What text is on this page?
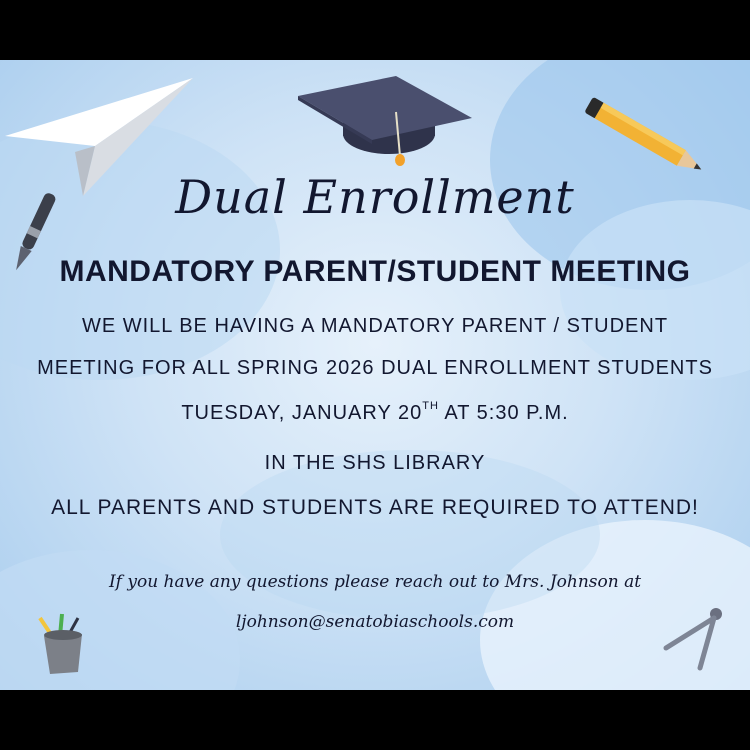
Dual Enrollment
MANDATORY PARENT/STUDENT MEETING
WE WILL BE HAVING A MANDATORY PARENT / STUDENT
MEETING FOR ALL SPRING 2026 DUAL ENROLLMENT STUDENTS
TUESDAY, JANUARY 20TH AT 5:30 P.M.
IN THE SHS LIBRARY
ALL PARENTS AND STUDENTS ARE REQUIRED TO ATTEND!
If you have any questions please reach out to Mrs. Johnson at
ljohnson@senatobiaschools.com
